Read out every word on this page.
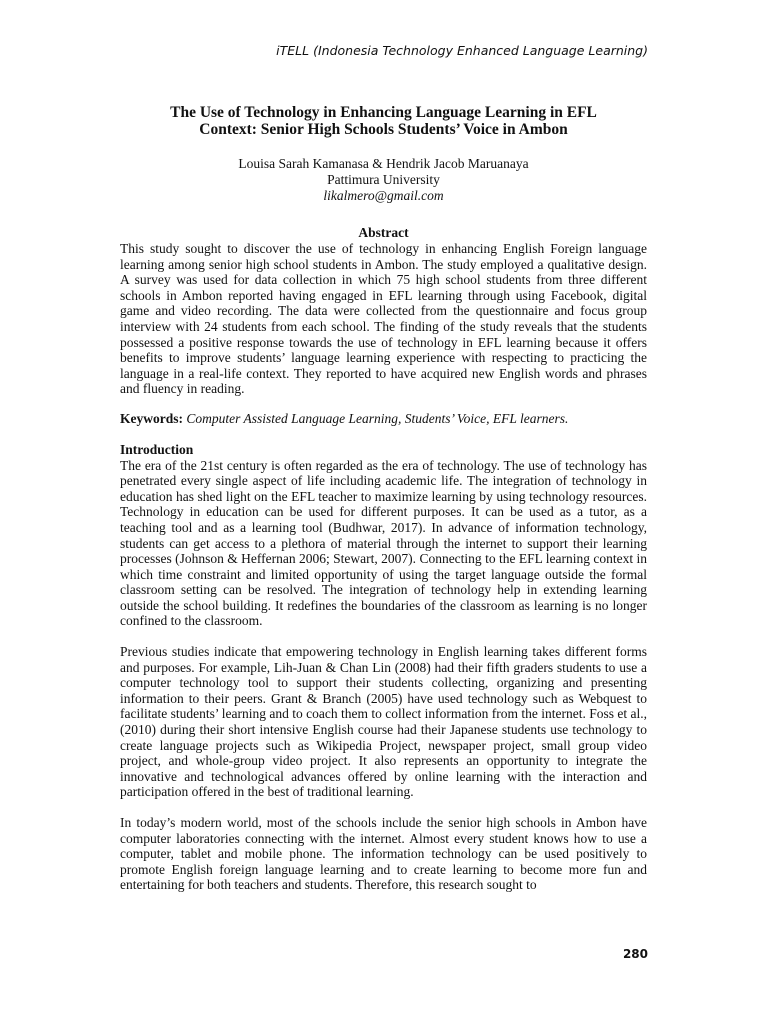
iTELL (Indonesia Technology Enhanced Language Learning)
The Use of Technology in Enhancing Language Learning in EFL
Context: Senior High Schools Students’ Voice in Ambon
Louisa Sarah Kamanasa & Hendrik Jacob Maruanaya
Pattimura University
likalmero@gmail.com
Abstract

This study sought to discover the use of technology in enhancing English Foreign language learning among senior high school students in Ambon. The study employed a qualitative design. A survey was used for data collection in which 75 high school students from three different schools in Ambon reported having engaged in EFL learning through using Facebook, digital game and video recording. The data were collected from the questionnaire and focus group interview with 24 students from each school. The finding of the study reveals that the students possessed a positive response towards the use of technology in EFL learning because it offers benefits to improve students’ language learning experience with respecting to practicing the language in a real-life context. They reported to have acquired new English words and phrases and fluency in reading.

Keywords: Computer Assisted Language Learning, Students’ Voice, EFL learners.

Introduction

The era of the 21st century is often regarded as the era of technology. The use of technology has penetrated every single aspect of life including academic life. The integration of technology in education has shed light on the EFL teacher to maximize learning by using technology resources. Technology in education can be used for different purposes. It can be used as a tutor, as a teaching tool and as a learning tool (Budhwar, 2017). In advance of information technology, students can get access to a plethora of material through the internet to support their learning processes (Johnson & Heffernan 2006; Stewart, 2007). Connecting to the EFL learning context in which time constraint and limited opportunity of using the target language outside the formal classroom setting can be resolved. The integration of technology help in extending learning outside the school building. It redefines the boundaries of the classroom as learning is no longer confined to the classroom.

Previous studies indicate that empowering technology in English learning takes different forms and purposes. For example, Lih-Juan & Chan Lin (2008) had their fifth graders students to use a computer technology tool to support their students collecting, organizing and presenting information to their peers. Grant & Branch (2005) have used technology such as Webquest to facilitate students’ learning and to coach them to collect information from the internet. Foss et al., (2010) during their short intensive English course had their Japanese students use technology to create language projects such as Wikipedia Project, newspaper project, small group video project, and whole-group video project. It also represents an opportunity to integrate the innovative and technological advances offered by online learning with the interaction and participation offered in the best of traditional learning.

In today’s modern world, most of the schools include the senior high schools in Ambon have computer laboratories connecting with the internet. Almost every student knows how to use a computer, tablet and mobile phone. The information technology can be used positively to promote English foreign language learning and to create learning to become more fun and entertaining for both teachers and students. Therefore, this research sought to

280
